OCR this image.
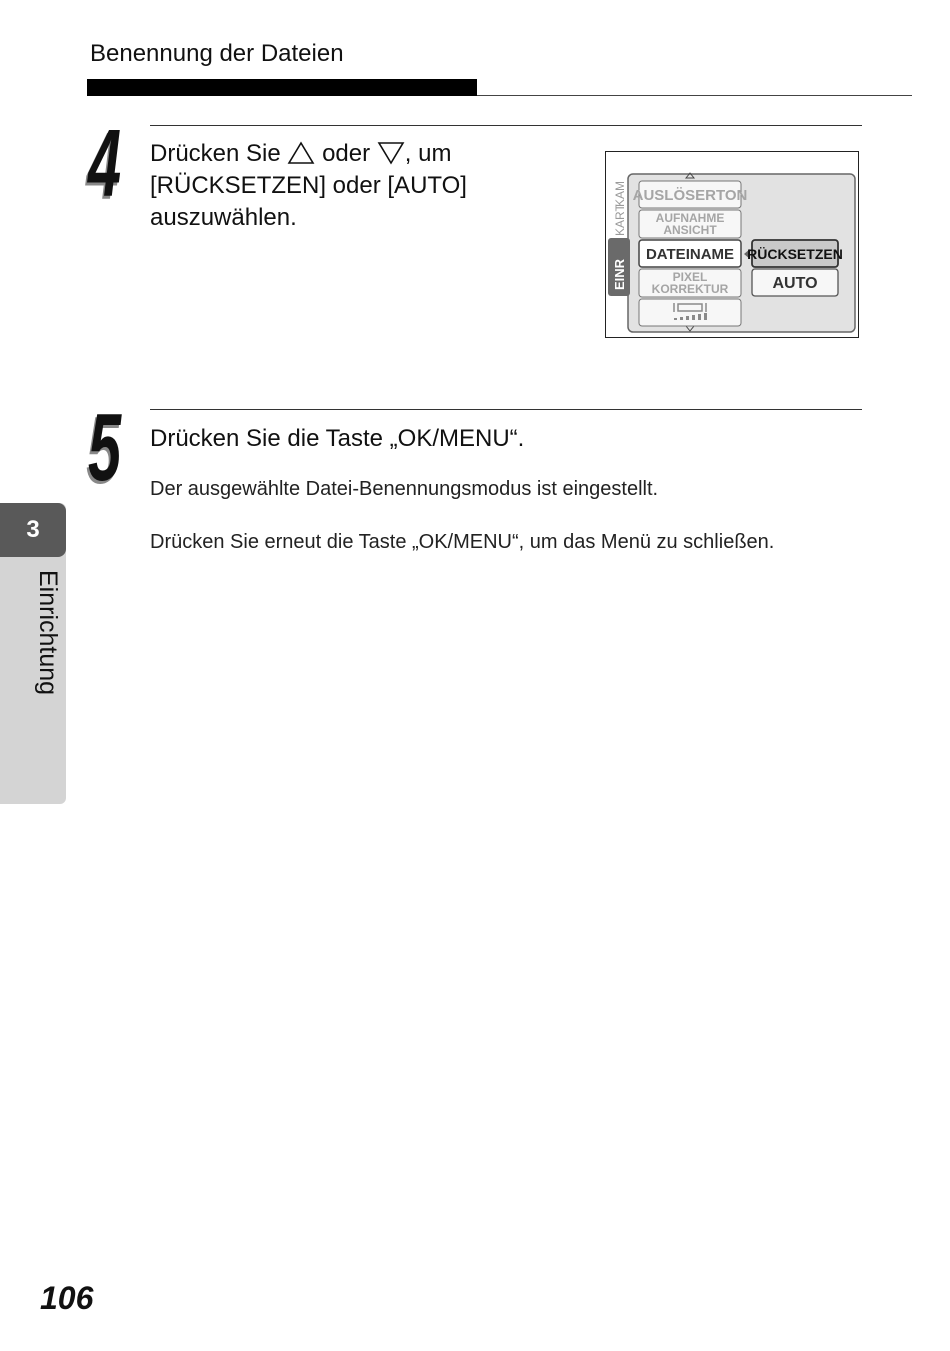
Benennung der Dateien
4 Drücken Sie oder , um
[RÜCKSETZEN] oder [AUTO]
auszuwählen.
EINR
KART
KAM AUSLÖSERTON
AUFNAHME
ANSICHT
DATEINAME
PIXEL
KORREKTUR
RÜCKSETZEN
AUTO
5 Drücken Sie die Taste „OK/MENU“.
Der ausgewählte Datei-Benennungsmodus ist eingestellt.
Drücken Sie erneut die Taste „OK/MENU“, um das Menü zu schließen.
3
Einrichtung
106
